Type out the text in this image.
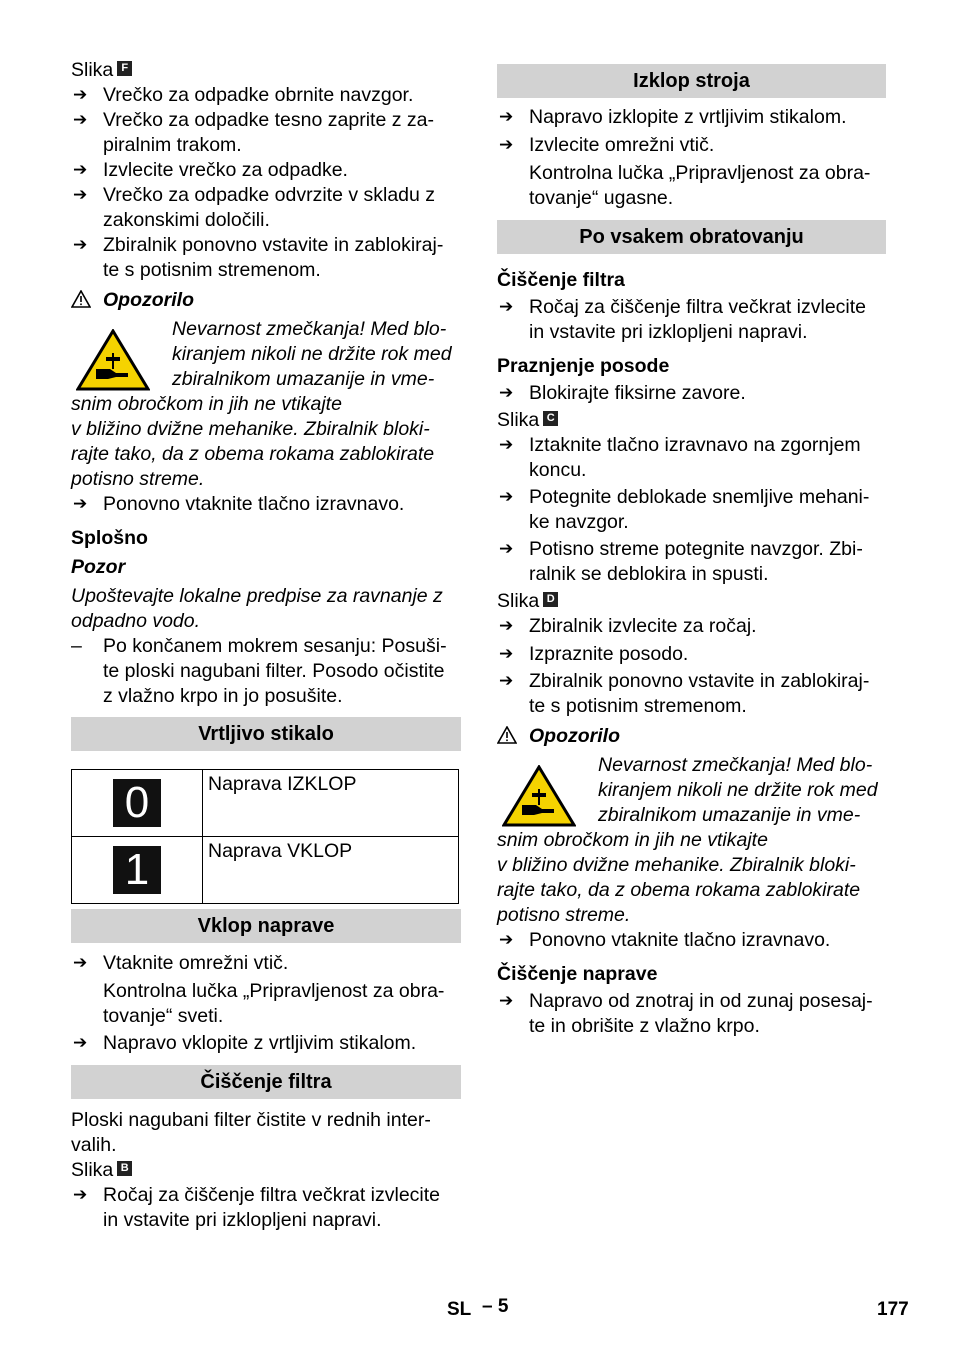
Slika F

➔ Vrečko za odpadke obrnite navzgor.

➔ Vrečko za odpadke tesno zaprite z za-
piralnim trakom.

➔ Izvlecite vrečko za odpadke.

➔ Vrečko za odpadke odvrzite v skladu z
zakonskimi določili.

➔ Zbiralnik ponovno vstavite in zablokiraj-
te s potisnim stremenom.

Opozorilo

Nevarnost zmečkanja! Med blo-

kiranjem nikoli ne držite rok med

zbiralnikom umazanije in vme-

snim obročkom in jih ne vtikajte

v bližino dvižne mehanike. Zbiralnik bloki-

rajte tako, da z obema rokama zablokirate

potisno streme.

➔ Ponovno vtaknite tlačno izravnavo.

Splošno

Pozor

Upoštevajte lokalne predpise za ravnanje z
odpadno vodo.

– Po končanem mokrem sesanju: Posuši-
te ploski nagubani filter. Posodo očistite
z vlažno krpo in jo posušite.

Vrtljivo stikalo
0	Naprava IZKLOP
1	Naprava VKLOP
Vklop naprave

➔ Vtaknite omrežni vtič.

Kontrolna lučka „Pripravljenost za obra-
tovanje“ sveti.

➔ Napravo vklopite z vrtljivim stikalom.

Čiščenje filtra

Ploski nagubani filter čistite v rednih inter-
valih.

Slika B

➔ Ročaj za čiščenje filtra večkrat izvlecite
in vstavite pri izklopljeni napravi.

Izklop stroja

➔ Napravo izklopite z vrtljivim stikalom.

➔ Izvlecite omrežni vtič.

Kontrolna lučka „Pripravljenost za obra-
tovanje“ ugasne.

Po vsakem obratovanju

Čiščenje filtra

➔ Ročaj za čiščenje filtra večkrat izvlecite
in vstavite pri izklopljeni napravi.

Praznjenje posode

➔ Blokirajte fiksirne zavore.

Slika C

➔ Iztaknite tlačno izravnavo na zgornjem
koncu.

➔ Potegnite deblokade snemljive mehani-
ke navzgor.

➔ Potisno streme potegnite navzgor. Zbi-
ralnik se deblokira in spusti.

Slika D

➔ Zbiralnik izvlecite za ročaj.

➔ Izpraznite posodo.

➔ Zbiralnik ponovno vstavite in zablokiraj-
te s potisnim stremenom.

Opozorilo

Nevarnost zmečkanja! Med blo-

kiranjem nikoli ne držite rok med

zbiralnikom umazanije in vme-

snim obročkom in jih ne vtikajte

v bližino dvižne mehanike. Zbiralnik bloki-

rajte tako, da z obema rokama zablokirate

potisno streme.

➔ Ponovno vtaknite tlačno izravnavo.

Čiščenje naprave

➔ Napravo od znotraj in od zunaj posesaj-
te in obrišite z vlažno krpo.

SL – 5	177
